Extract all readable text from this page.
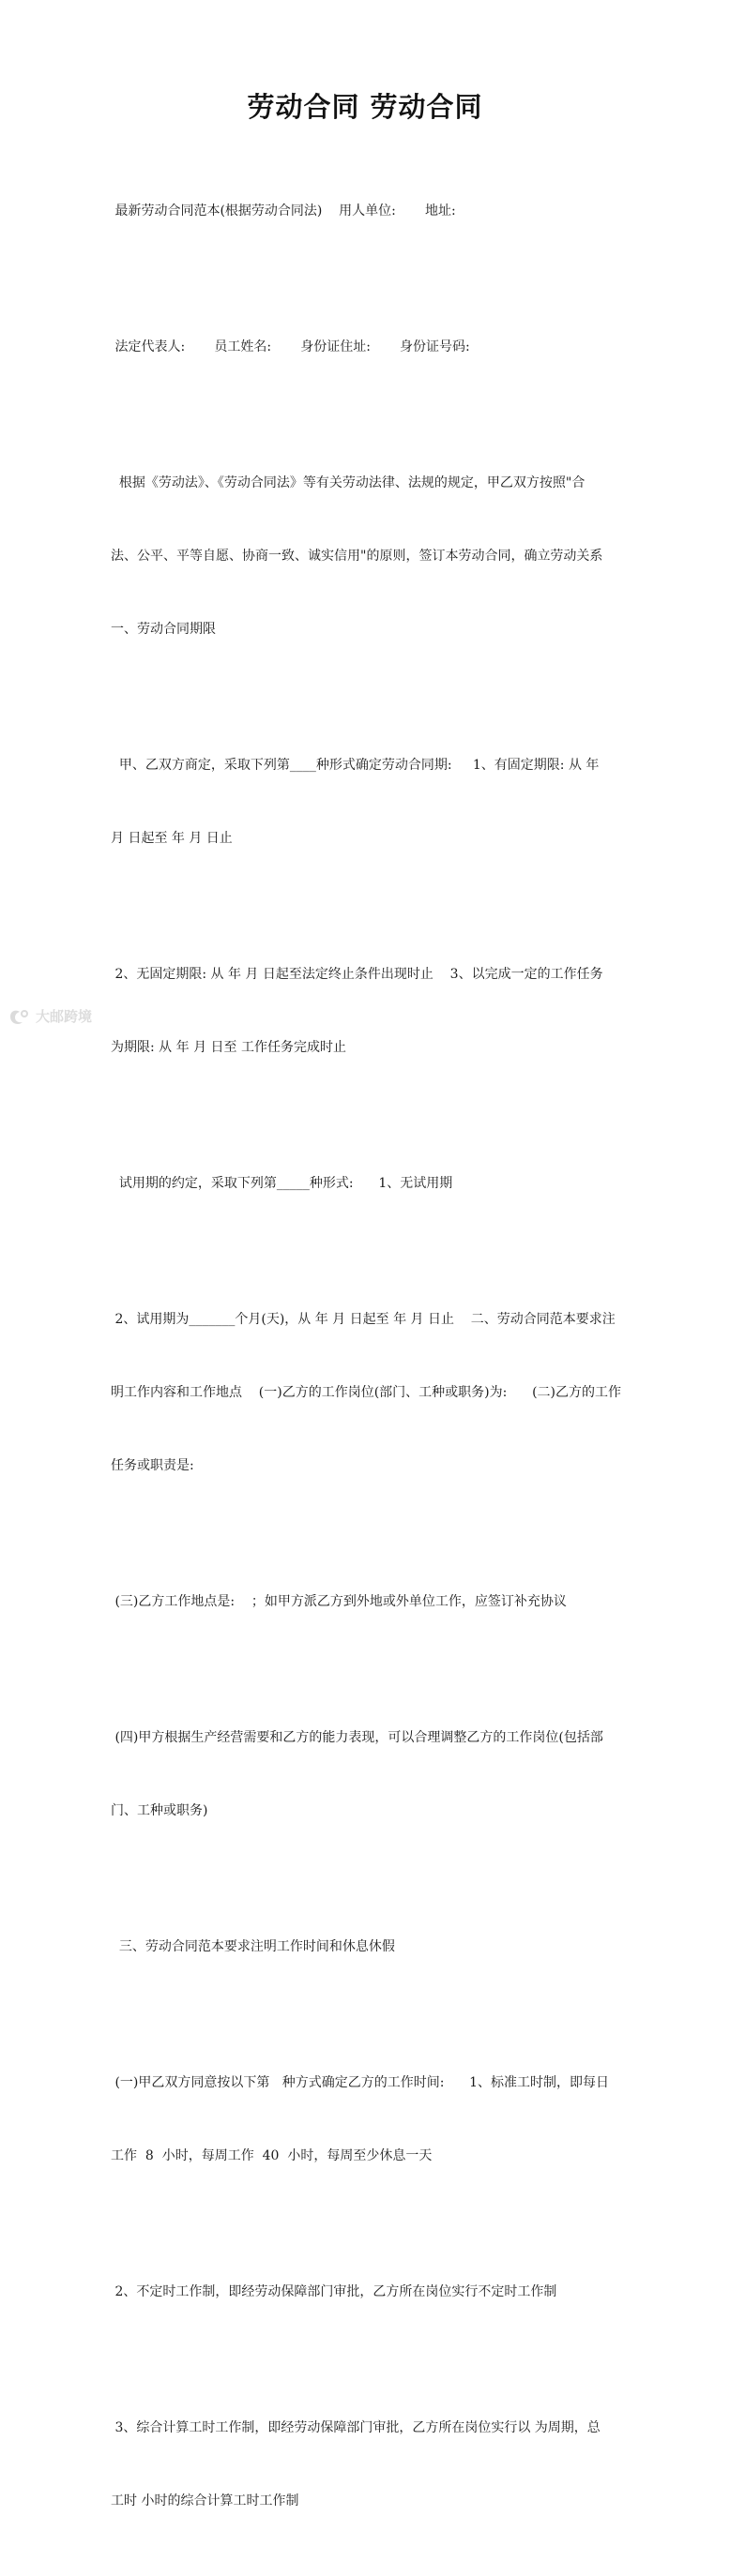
劳动合同 劳动合同

最新劳动合同范本(根据劳动合同法)    用人单位:       地址:

法定代表人:       员工姓名:       身份证住址:       身份证号码:

根据《劳动法》、《劳动合同法》等有关劳动法律、法规的规定，甲乙双方按照"合

法、公平、平等自愿、协商一致、诚实信用"的原则，签订本劳动合同，确立劳动关系

一、劳动合同期限

甲、乙双方商定，采取下列第____种形式确定劳动合同期:     1、有固定期限: 从 年

月 日起至 年 月 日止

2、无固定期限: 从 年 月 日起至法定终止条件出现时止    3、以完成一定的工作任务

为期限: 从 年 月 日至 工作任务完成时止

试用期的约定，采取下列第_____种形式:      1、无试用期

2、试用期为_______个月(天)，从 年 月 日起至 年 月 日止    二、劳动合同范本要求注

明工作内容和工作地点    (一)乙方的工作岗位(部门、工种或职务)为:      (二)乙方的工作

任务或职责是:

(三)乙方工作地点是:    ；如甲方派乙方到外地或外单位工作，应签订补充协议

(四)甲方根据生产经营需要和乙方的能力表现，可以合理调整乙方的工作岗位(包括部

门、工种或职务)

三、劳动合同范本要求注明工作时间和休息休假

(一)甲乙双方同意按以下第   种方式确定乙方的工作时间:      1、标准工时制，即每日

工作  8  小时，每周工作  40  小时，每周至少休息一天

2、不定时工作制，即经劳动保障部门审批，乙方所在岗位实行不定时工作制

3、综合计算工时工作制，即经劳动保障部门审批，乙方所在岗位实行以 为周期，总

工时 小时的综合计算工时工作制

大邮跨境
